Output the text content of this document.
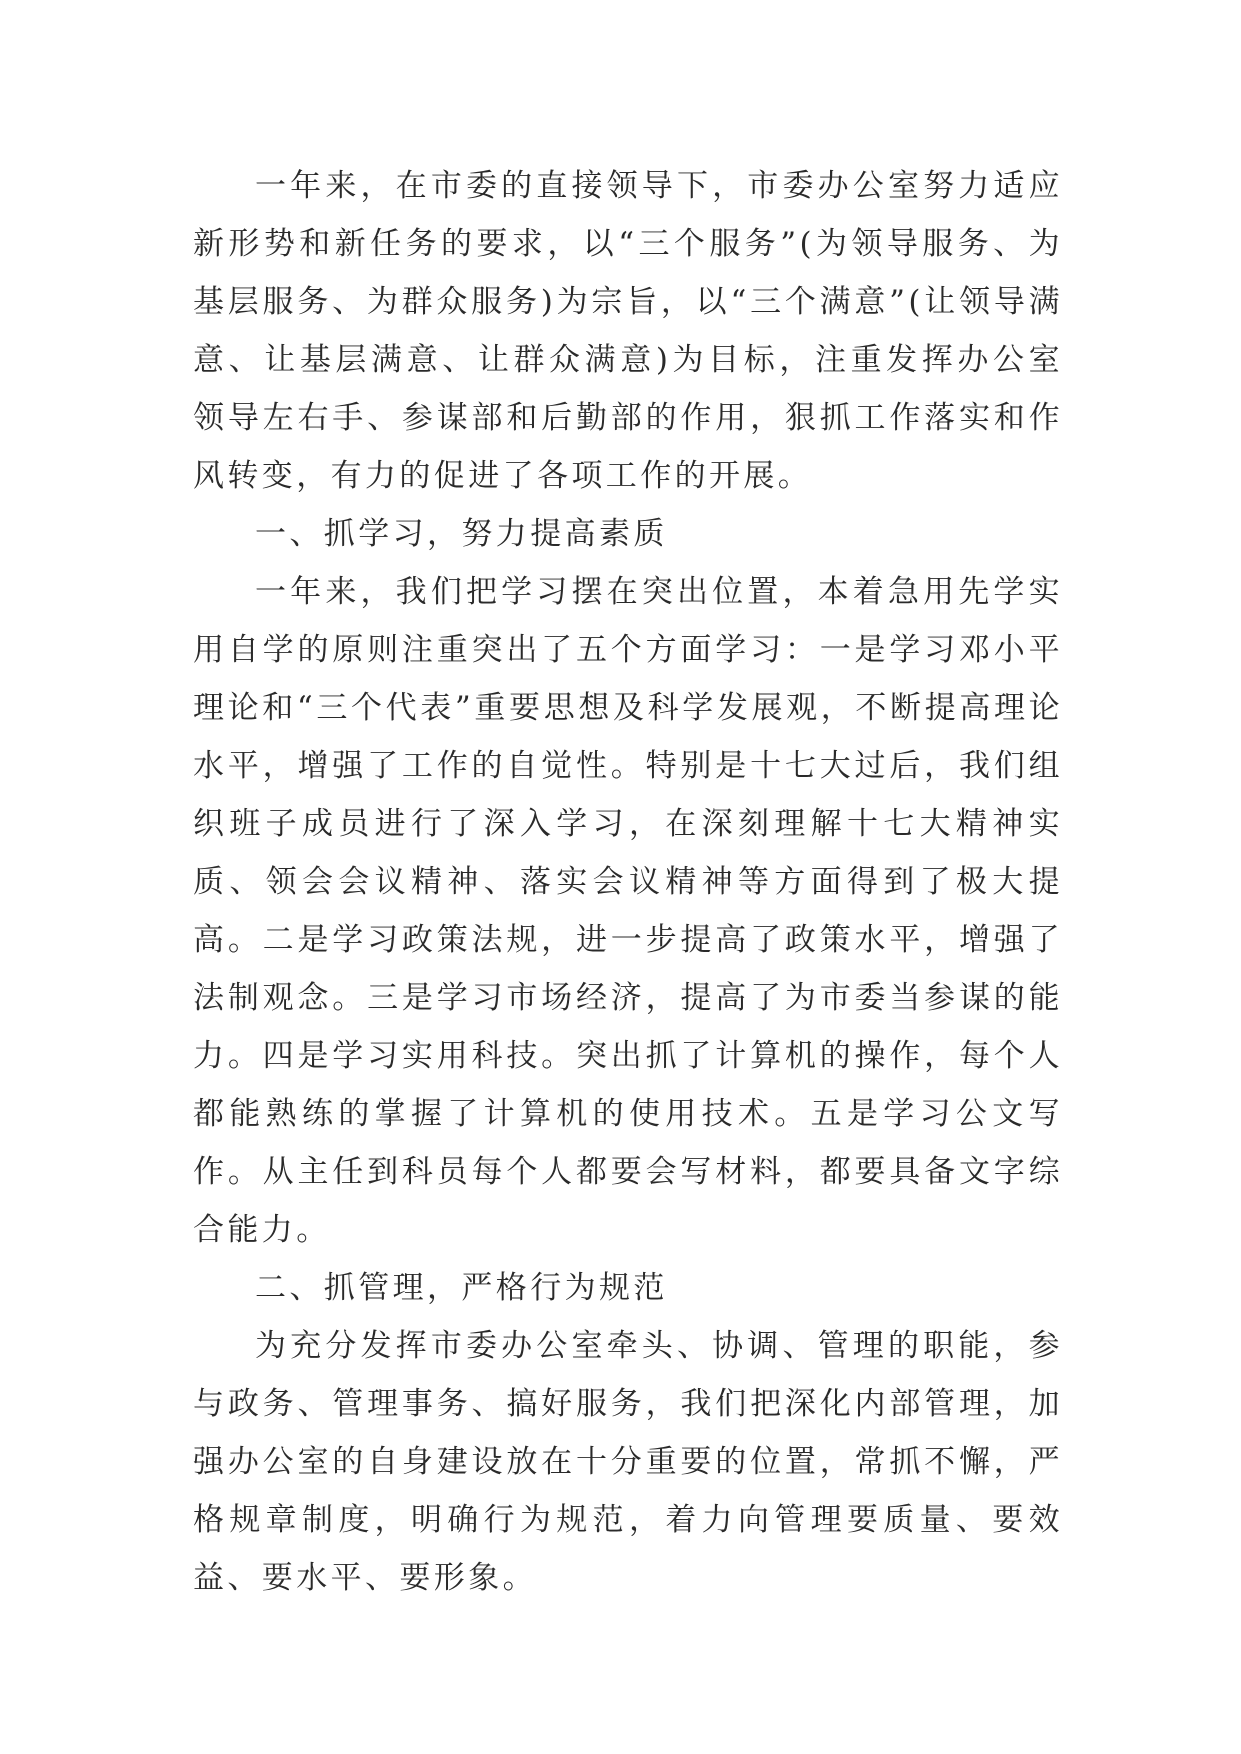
一年来，在市委的直接领导下，市委办公室努力适应新形势和新任务的要求，以“三个服务”(为领导服务、为基层服务、为群众服务)为宗旨，以“三个满意”(让领导满意、让基层满意、让群众满意)为目标，注重发挥办公室领导左右手、参谋部和后勤部的作用，狠抓工作落实和作风转变，有力的促进了各项工作的开展。

一、抓学习，努力提高素质

一年来，我们把学习摆在突出位置，本着急用先学实用自学的原则注重突出了五个方面学习：一是学习邓小平理论和“三个代表”重要思想及科学发展观，不断提高理论水平，增强了工作的自觉性。特别是十七大过后，我们组织班子成员进行了深入学习，在深刻理解十七大精神实质、领会会议精神、落实会议精神等方面得到了极大提高。二是学习政策法规，进一步提高了政策水平，增强了法制观念。三是学习市场经济，提高了为市委当参谋的能力。四是学习实用科技。突出抓了计算机的操作，每个人都能熟练的掌握了计算机的使用技术。五是学习公文写作。从主任到科员每个人都要会写材料，都要具备文字综合能力。

二、抓管理，严格行为规范

为充分发挥市委办公室牵头、协调、管理的职能，参与政务、管理事务、搞好服务，我们把深化内部管理，加强办公室的自身建设放在十分重要的位置，常抓不懈，严格规章制度，明确行为规范，着力向管理要质量、要效益、要水平、要形象。
